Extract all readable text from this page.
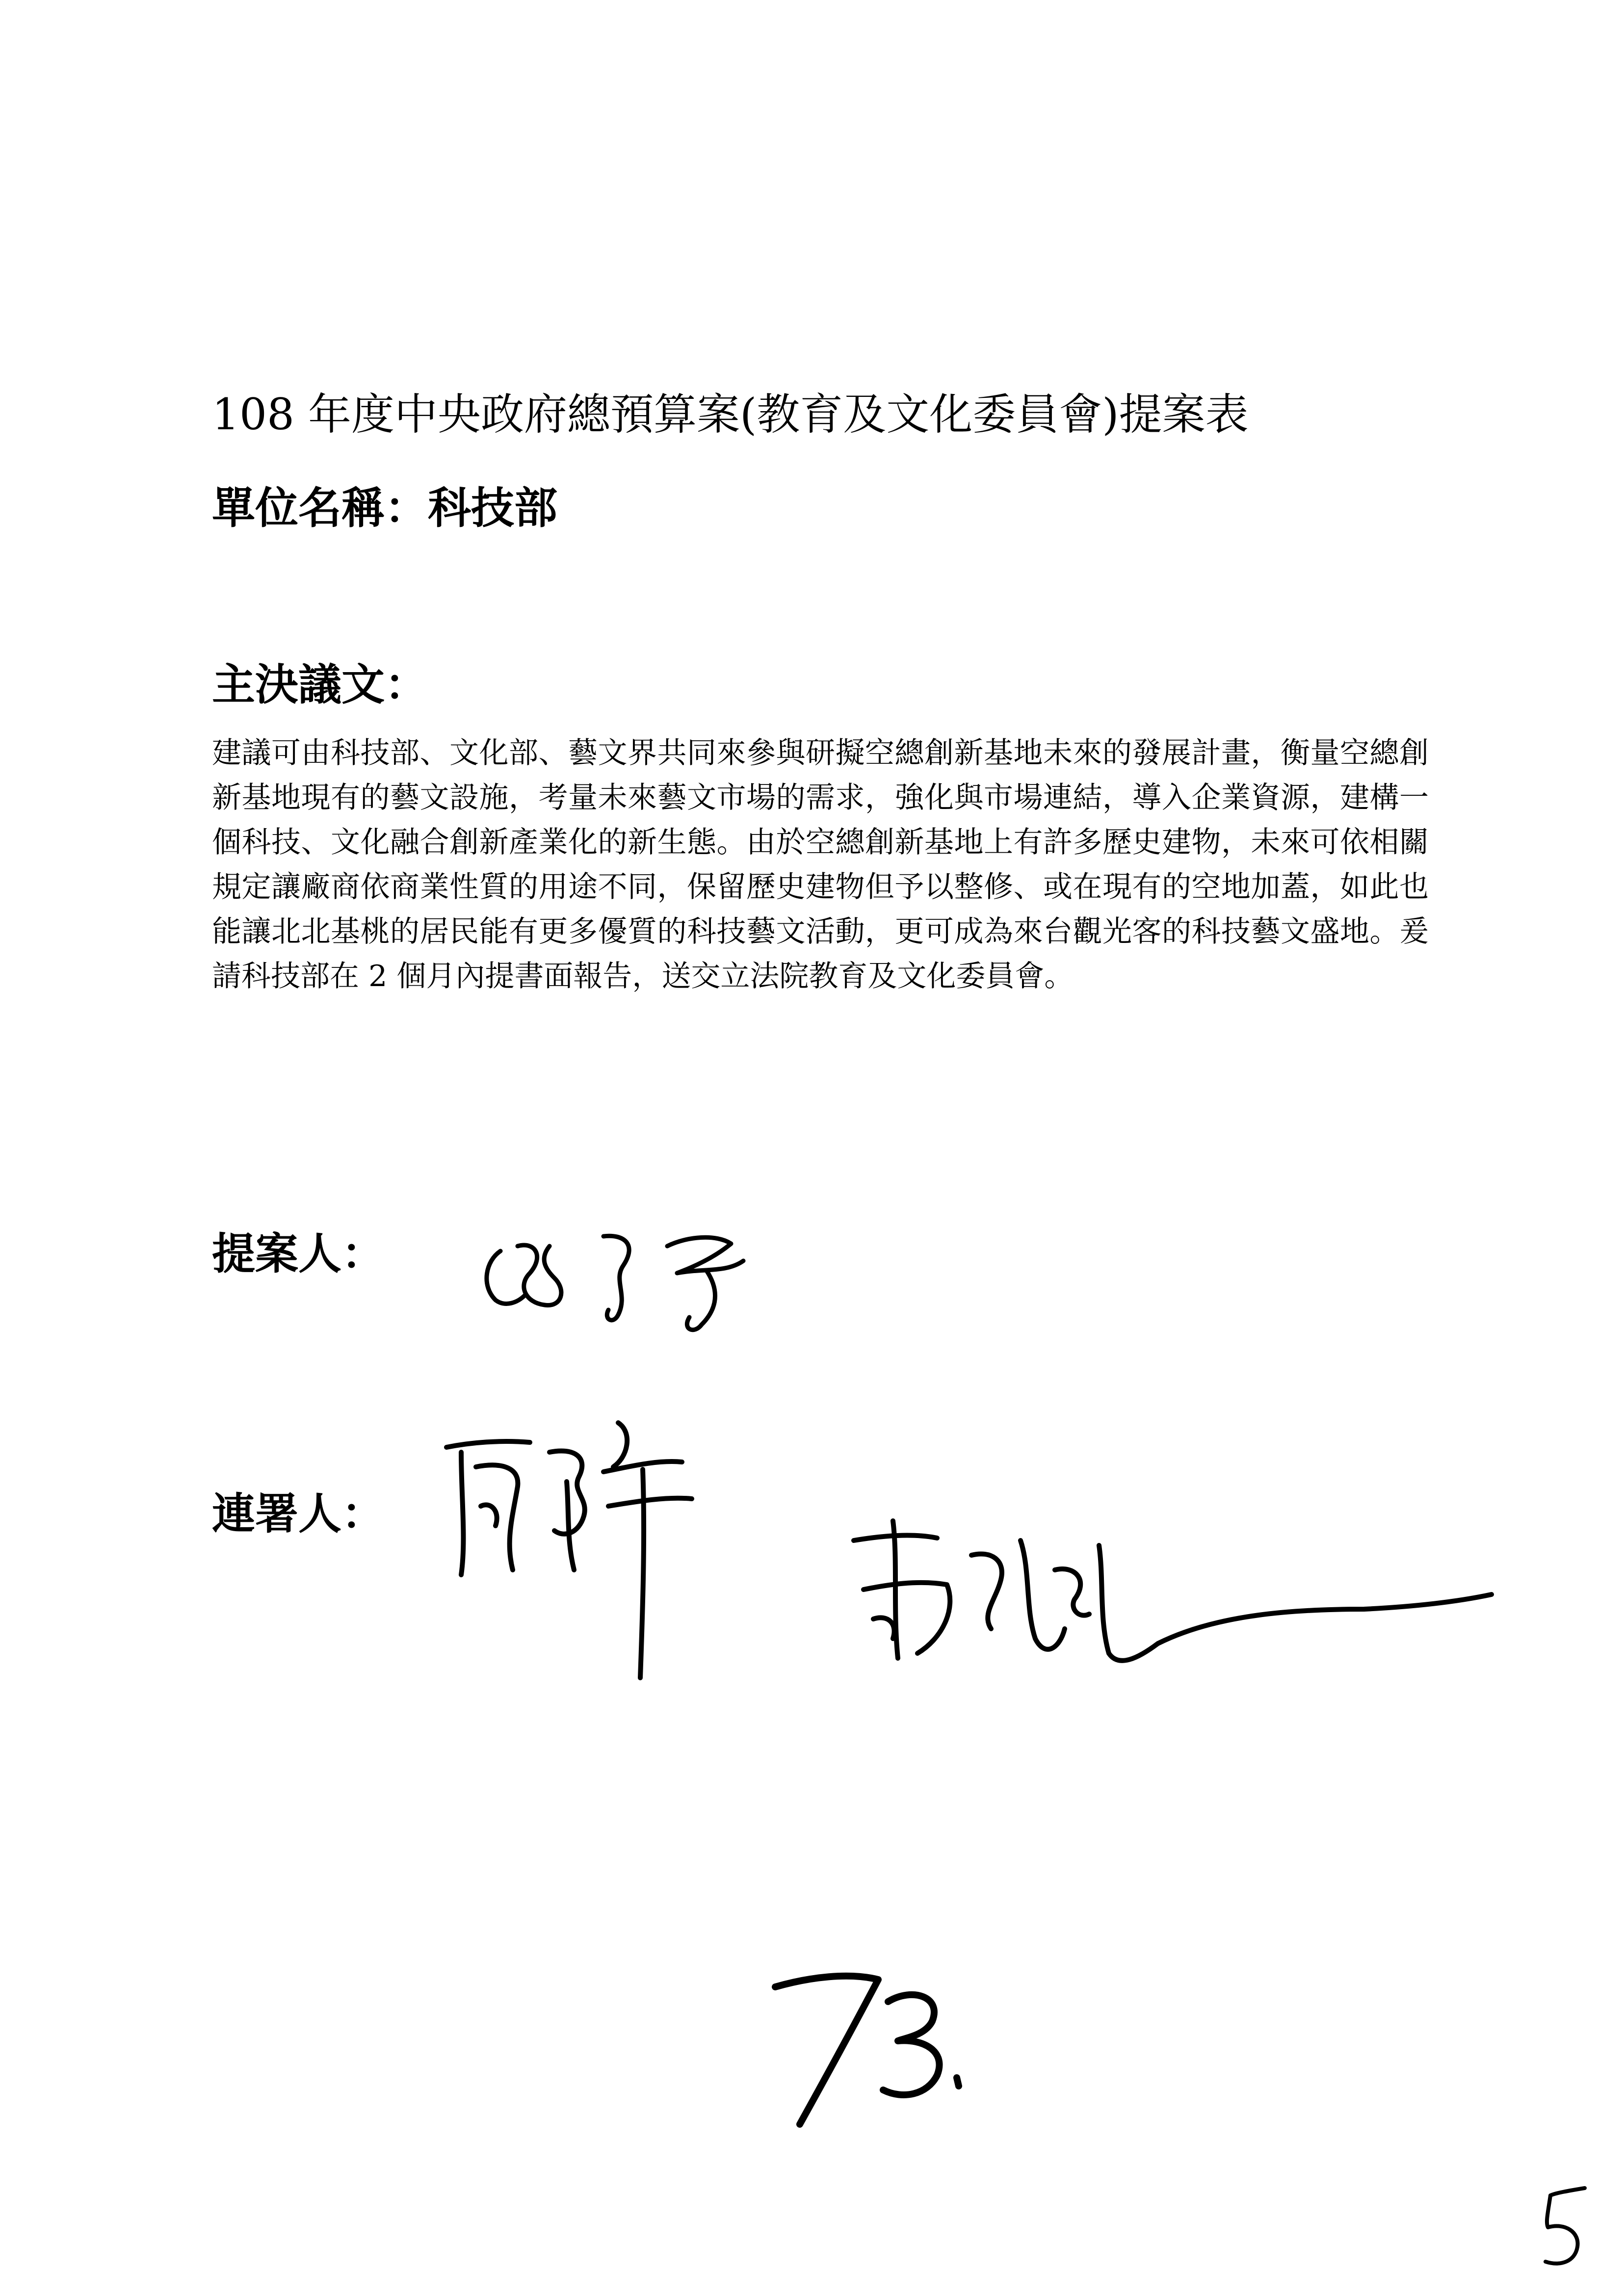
108 年度中央政府總預算案(教育及文化委員會)提案表

單位名稱：科技部

主決議文：

建議可由科技部、文化部、藝文界共同來參與研擬空總創新基地未來的發展計畫，衡量空總創新基地現有的藝文設施，考量未來藝文市場的需求，強化與市場連結，導入企業資源，建構一個科技、文化融合創新產業化的新生態。由於空總創新基地上有許多歷史建物，未來可依相關規定讓廠商依商業性質的用途不同，保留歷史建物但予以整修、或在現有的空地加蓋，如此也能讓北北基桃的居民能有更多優質的科技藝文活動，更可成為來台觀光客的科技藝文盛地。爰請科技部在 2 個月內提書面報告，送交立法院教育及文化委員會。

提案人：

連署人：
